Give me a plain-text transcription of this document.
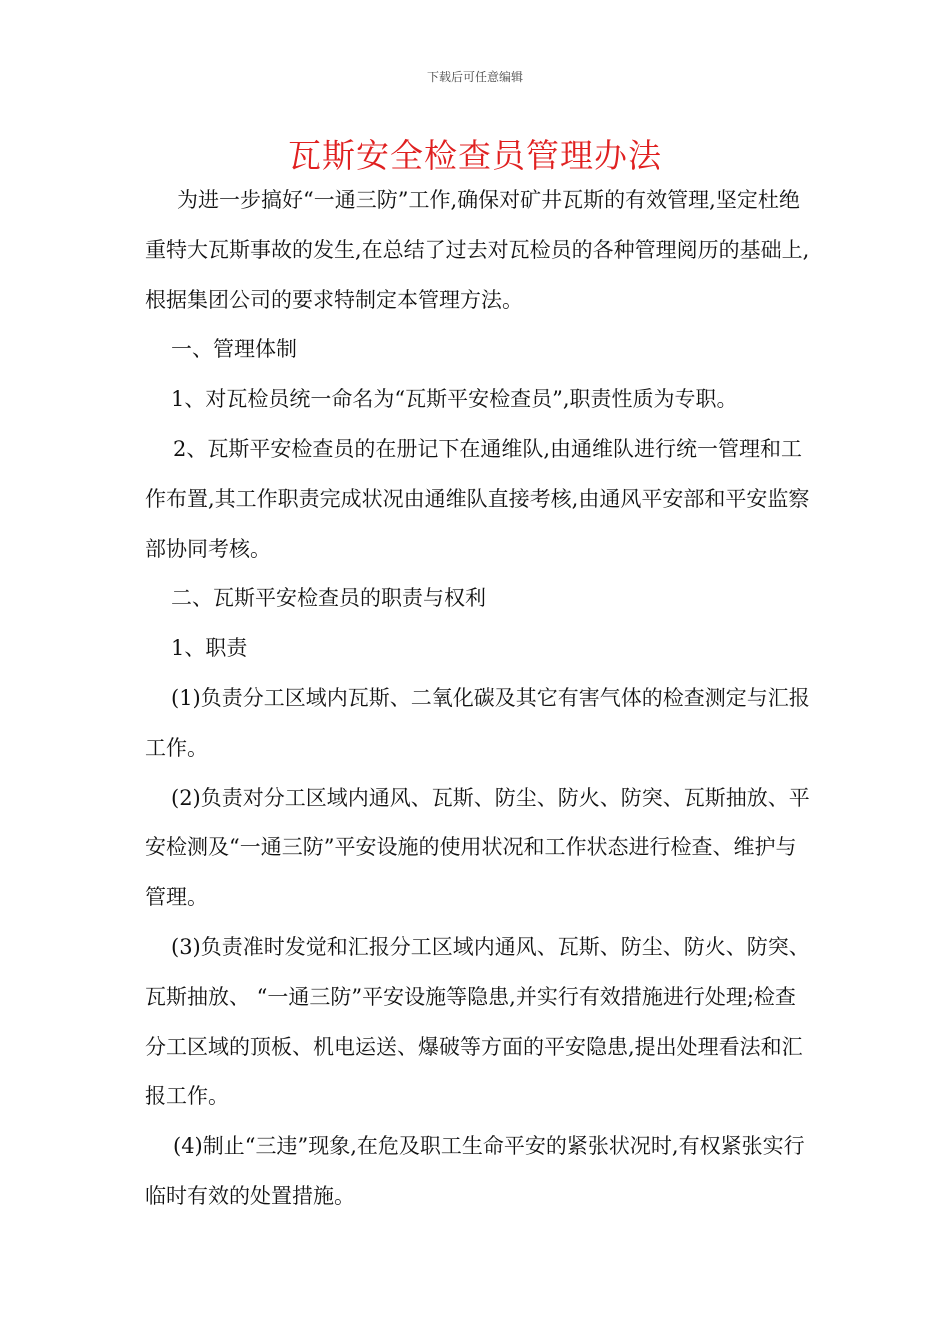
下载后可任意编辑
瓦斯安全检查员管理办法

为进一步搞好“一通三防”工作,确保对矿井瓦斯的有效管理,坚定杜绝重特大瓦斯事故的发生,在总结了过去对瓦检员的各种管理阅历的基础上,根据集团公司的要求特制定本管理方法。

一、管理体制

1、对瓦检员统一命名为“瓦斯平安检查员”,职责性质为专职。

2、瓦斯平安检查员的在册记下在通维队,由通维队进行统一管理和工作布置,其工作职责完成状况由通维队直接考核,由通风平安部和平安监察部协同考核。

二、瓦斯平安检查员的职责与权利

1、职责

(1)负责分工区域内瓦斯、二氧化碳及其它有害气体的检查测定与汇报工作。

(2)负责对分工区域内通风、瓦斯、防尘、防火、防突、瓦斯抽放、平安检测及“一通三防”平安设施的使用状况和工作状态进行检查、维护与管理。

(3)负责准时发觉和汇报分工区域内通风、瓦斯、防尘、防火、防突、瓦斯抽放、 “一通三防”平安设施等隐患,并实行有效措施进行处理;检查分工区域的顶板、机电运送、爆破等方面的平安隐患,提出处理看法和汇报工作。

(4)制止“三违”现象,在危及职工生命平安的紧张状况时,有权紧张实行临时有效的处置措施。
